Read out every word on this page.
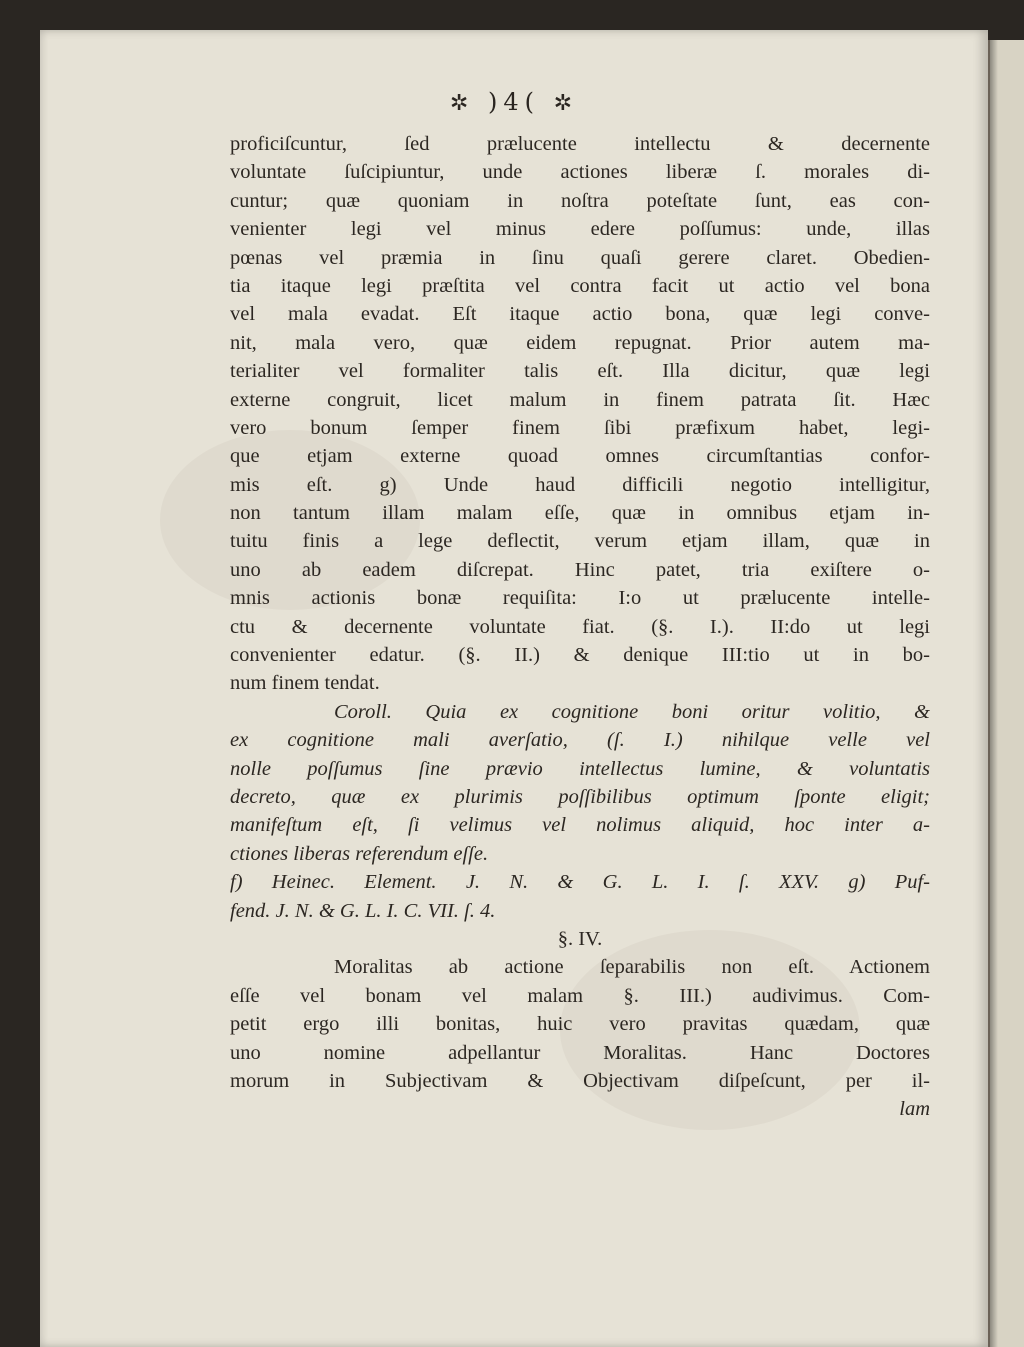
✲ )4( ✲
proficiſcuntur, ſed prælucente intellectu & decernente
voluntate ſuſcipiuntur, unde actiones liberæ ſ. morales di-
cuntur; quæ quoniam in noſtra poteſtate ſunt, eas con-
venienter legi vel minus edere poſſumus: unde, illas
pœnas vel præmia in ſinu quaſi gerere claret. Obedien-
tia itaque legi præſtita vel contra facit ut actio vel bona
vel mala evadat. Eſt itaque actio bona, quæ legi conve-
nit, mala vero, quæ eidem repugnat. Prior autem ma-
terialiter vel formaliter talis eſt. Illa dicitur, quæ legi
externe congruit, licet malum in finem patrata ſit. Hæc
vero bonum ſemper finem ſibi præfixum habet, legi-
que etjam externe quoad omnes circumſtantias confor-
mis eſt. g) Unde haud difficili negotio intelligitur,
non tantum illam malam eſſe, quæ in omnibus etjam in-
tuitu finis a lege deflectit, verum etjam illam, quæ in
uno ab eadem diſcrepat. Hinc patet, tria exiſtere o-
mnis actionis bonæ requiſita: I:o ut prælucente intelle-
ctu & decernente voluntate fiat. (§. I.). II:do ut legi
convenienter edatur. (§. II.) & denique III:tio ut in bo-
num finem tendat.
Coroll. Quia ex cognitione boni oritur volitio, &
ex cognitione mali averſatio, (ſ. I.) nihilque velle vel
nolle poſſumus ſine prævio intellectus lumine, & voluntatis
decreto, quæ ex plurimis poſſibilibus optimum ſponte eligit;
manifeſtum eſt, ſi velimus vel nolimus aliquid, hoc inter a-
ctiones liberas referendum eſſe.
f) Heinec. Element. J. N. & G. L. I. ſ. XXV. g) Puf-
fend. J. N. & G. L. I. C. VII. ſ. 4.
§. IV.
Moralitas ab actione ſeparabilis non eſt. Actionem
eſſe vel bonam vel malam §. III.) audivimus. Com-
petit ergo illi bonitas, huic vero pravitas quædam, quæ
uno nomine adpellantur Moralitas. Hanc Doctores
morum in Subjectivam & Objectivam diſpeſcunt, per il-
lam
